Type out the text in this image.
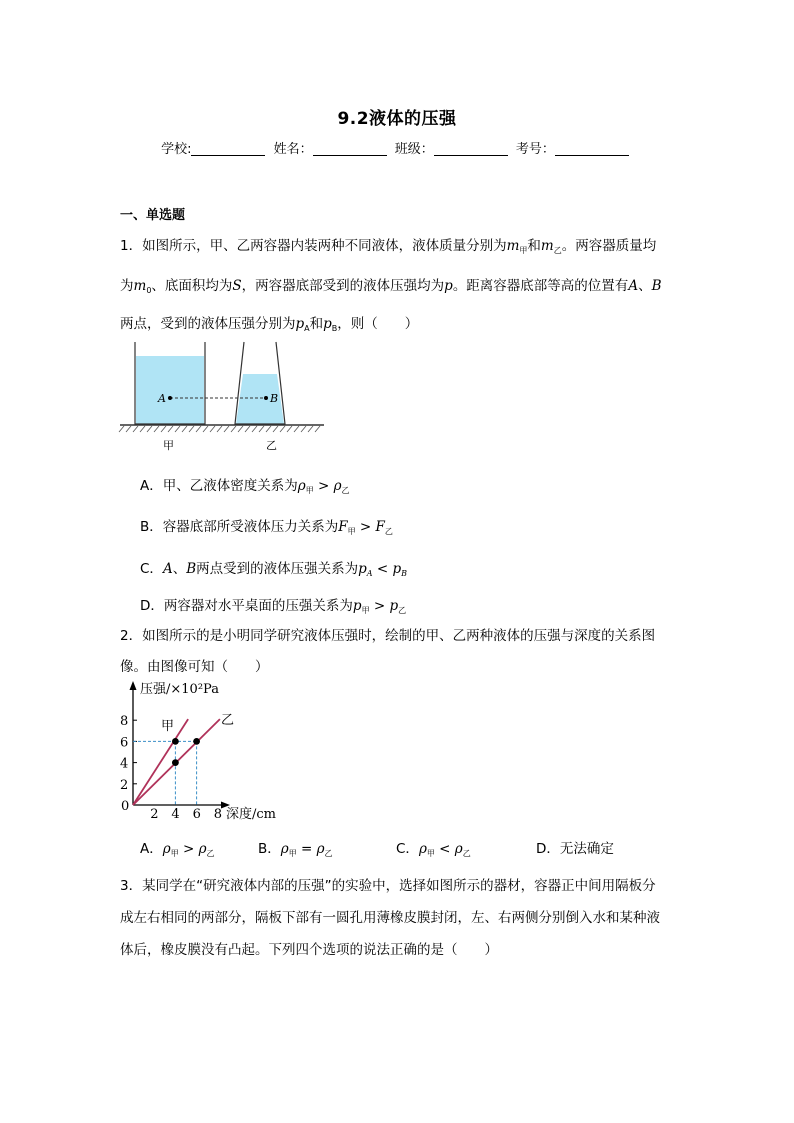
9.2液体的压强
学校:	姓名：	班级：	考号：
一、单选题
1．如图所示，甲、乙两容器内装两种不同液体，液体质量分别为$m_甲$和$m_乙$。两容器质量均
为$m_0$、底面积均为S，两容器底部受到的液体压强均为p。距离容器底部等高的位置有A、B
两点，受到的液体压强分别为$p_A$和$p_B$，则（　　）
A	B
甲	乙
A．甲、乙液体密度关系为$\rho_甲 > \rho_乙$
B．容器底部所受液体压力关系为$F_甲 > F_乙$
C．A、B两点受到的液体压强关系为$p_A < p_B$
D．两容器对水平桌面的压强关系为$p_甲 > p_乙$
2．如图所示的是小明同学研究液体压强时，绘制的甲、乙两种液体的压强与深度的关系图
像。由图像可知（　　）
甲	乙
2 4 6 8
2
4
6
8
压强/×10²Pa
深度/cm
0
A．$\rho_甲 > \rho_乙$	B．$\rho_甲 = \rho_乙$	C．$\rho_甲 < \rho_乙$	D．无法确定
3．某同学在“研究液体内部的压强”的实验中，选择如图所示的器材，容器正中间用隔板分
成左右相同的两部分，隔板下部有一圆孔用薄橡皮膜封闭，左、右两侧分别倒入水和某种液
体后，橡皮膜没有凸起。下列四个选项的说法正确的是（　　）
